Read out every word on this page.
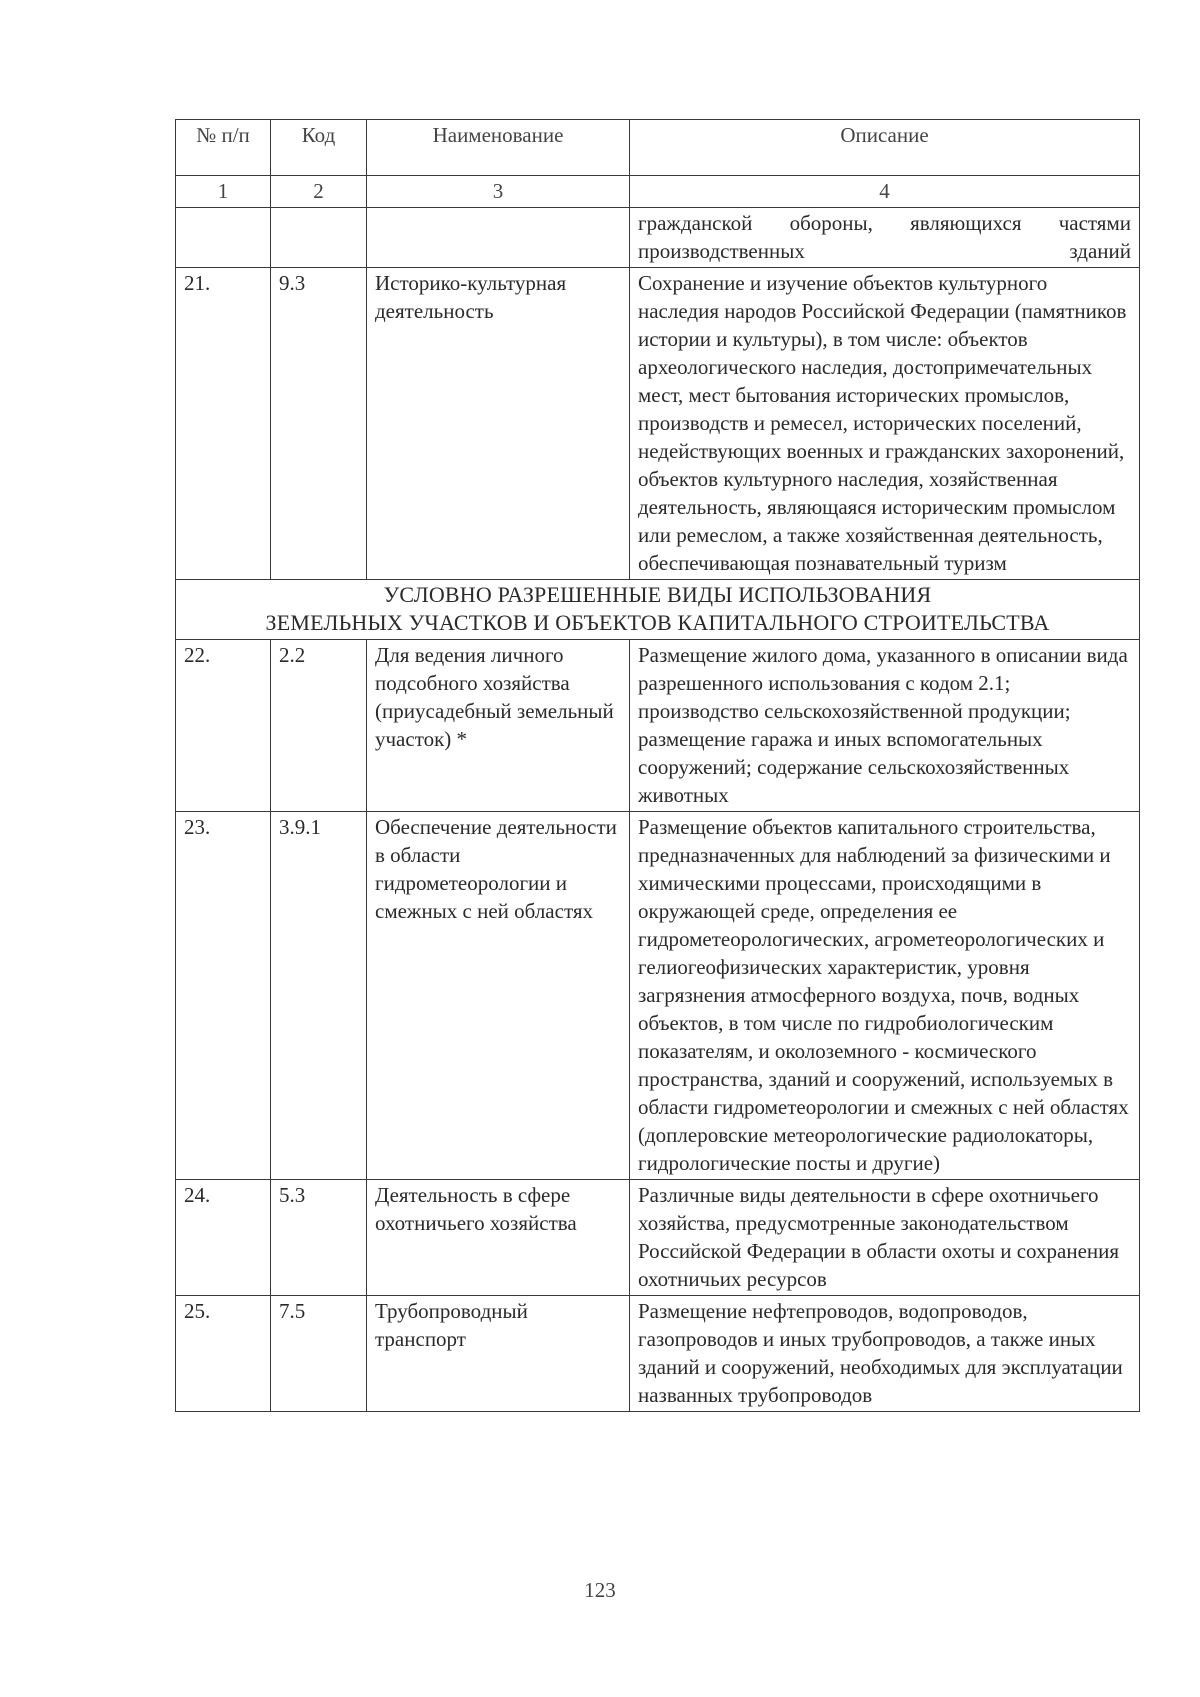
№ п/п	Код	Наименование	Описание
1	2	3	4
			гражданской обороны, являющихся частями производственных зданий
21.	9.3	Историко-культурная деятельность	Сохранение и изучение объектов культурного наследия народов Российской Федерации (памятников истории и культуры), в том числе: объектов археологического наследия, достопримечательных мест, мест бытования исторических промыслов, производств и ремесел, исторических поселений, недействующих военных и гражданских захоронений, объектов культурного наследия, хозяйственная деятельность, являющаяся историческим промыслом или ремеслом, а также хозяйственная деятельность, обеспечивающая познавательный туризм

УСЛОВНО РАЗРЕШЕННЫЕ ВИДЫ ИСПОЛЬЗОВАНИЯ
ЗЕМЕЛЬНЫХ УЧАСТКОВ И ОБЪЕКТОВ КАПИТАЛЬНОГО СТРОИТЕЛЬСТВА			

22.	2.2	Для ведения личного подсобного хозяйства (приусадебный земельный участок) *	Размещение жилого дома, указанного в описании вида разрешенного использования с кодом 2.1; производство сельскохозяйственной продукции; размещение гаража и иных вспомогательных сооружений; содержание сельскохозяйственных животных
23.	3.9.1	Обеспечение деятельности в области гидрометеорологии и смежных с ней областях	Размещение объектов капитального строительства, предназначенных для наблюдений за физическими и химическими процессами, происходящими в окружающей среде, определения ее гидрометеорологических, агрометеорологических и гелиогеофизических характеристик, уровня загрязнения атмосферного воздуха, почв, водных объектов, в том числе по гидробиологическим показателям, и околоземного - космического пространства, зданий и сооружений, используемых в области гидрометеорологии и смежных с ней областях (доплеровские метеорологические радиолокаторы, гидрологические посты и другие)
24.	5.3	Деятельность в сфере охотничьего хозяйства	Различные виды деятельности в сфере охотничьего хозяйства, предусмотренные законодательством Российской Федерации в области охоты и сохранения охотничьих ресурсов
25.	7.5	Трубопроводный транспорт	Размещение нефтепроводов, водопроводов, газопроводов и иных трубопроводов, а также иных зданий и сооружений, необходимых для эксплуатации названных трубопроводов
123
